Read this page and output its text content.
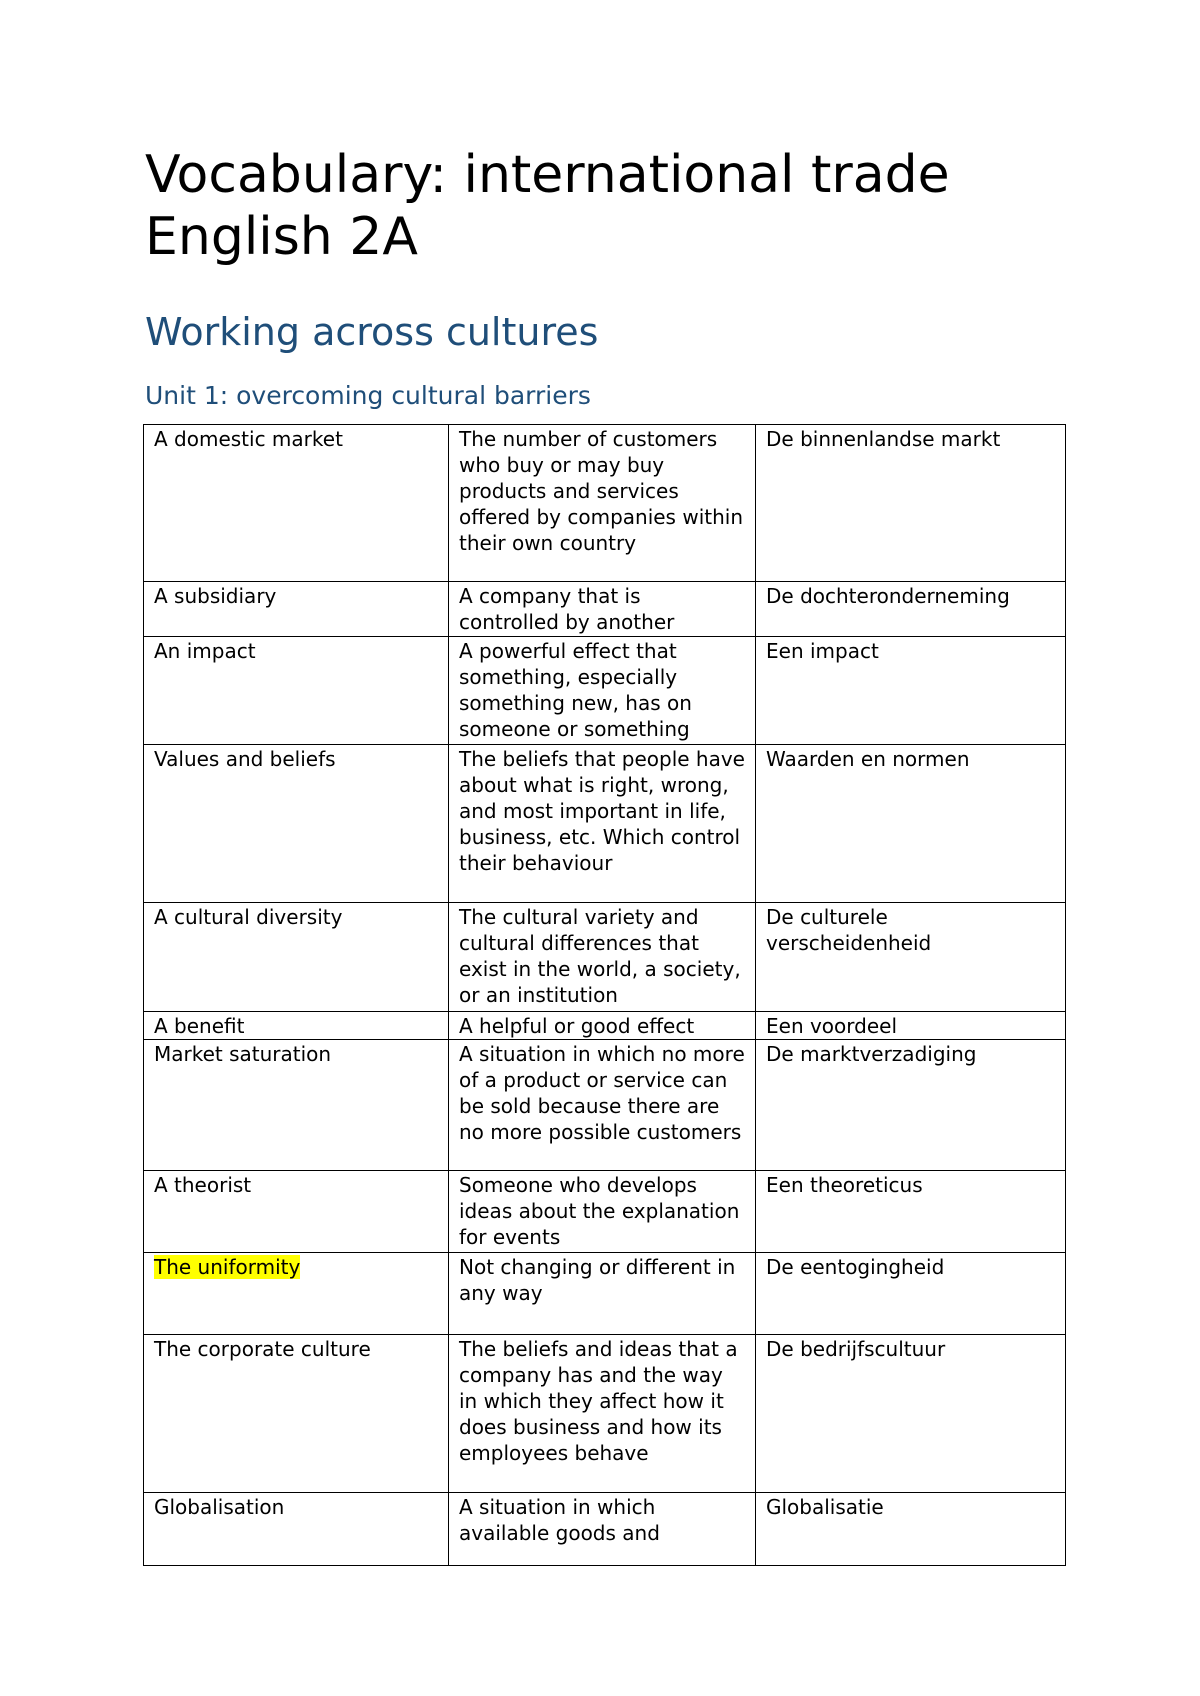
Vocabulary: international trade
English 2A
Working across cultures
Unit 1: overcoming cultural barriers
A domestic market	The number of customers who buy or may buy products and services offered by companies within their own country	De binnenlandse markt
A subsidiary	A company that is controlled by another	De dochteronderneming
An impact	A powerful effect that something, especially something new, has on someone or something	Een impact
Values and beliefs	The beliefs that people have about what is right, wrong, and most important in life, business, etc. Which control their behaviour	Waarden en normen
A cultural diversity	The cultural variety and cultural differences that exist in the world, a society, or an institution	De culturele verscheidenheid
A benefit	A helpful or good effect	Een voordeel
Market saturation	A situation in which no more of a product or service can be sold because there are no more possible customers	De marktverzadiging
A theorist	Someone who develops ideas about the explanation for events	Een theoreticus
The uniformity	Not changing or different in any way	De eentogingheid
The corporate culture	The beliefs and ideas that a company has and the way in which they affect how it does business and how its employees behave	De bedrijfscultuur
Globalisation	A situation in which available goods and	Globalisatie
